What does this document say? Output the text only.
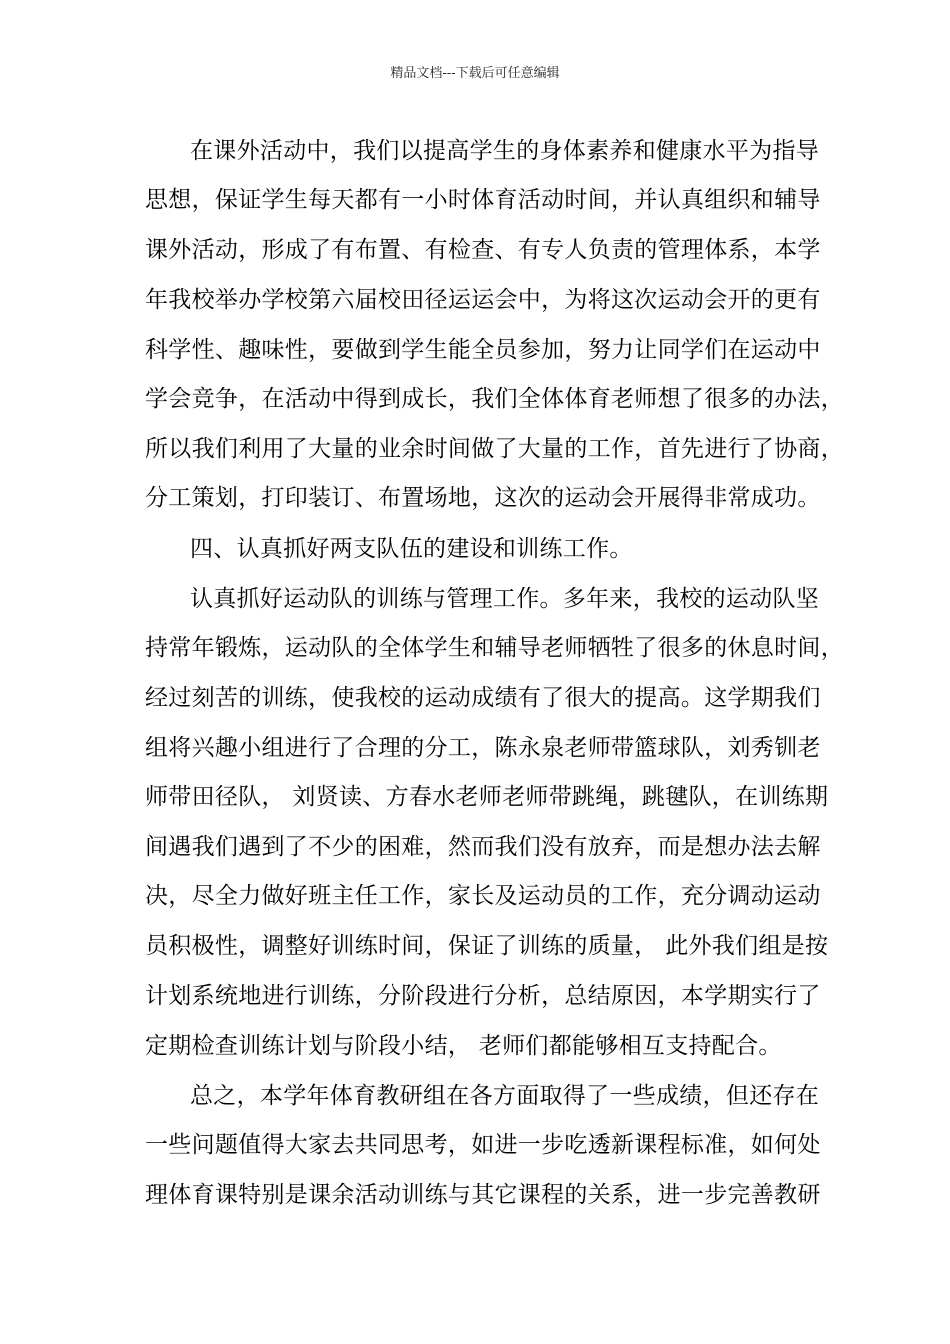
精品文档---下载后可任意编辑
在课外活动中，我们以提高学生的身体素养和健康水平为指导
思想，保证学生每天都有一小时体育活动时间，并认真组织和辅导
课外活动，形成了有布置、有检查、有专人负责的管理体系，本学
年我校举办学校第六届校田径运运会中，为将这次运动会开的更有
科学性、趣味性，要做到学生能全员参加，努力让同学们在运动中
学会竞争，在活动中得到成长，我们全体体育老师想了很多的办法，
所以我们利用了大量的业余时间做了大量的工作，首先进行了协商，
分工策划，打印装订、布置场地，这次的运动会开展得非常成功。
四、认真抓好两支队伍的建设和训练工作。
认真抓好运动队的训练与管理工作。多年来，我校的运动队坚
持常年锻炼，运动队的全体学生和辅导老师牺牲了很多的休息时间，
经过刻苦的训练，使我校的运动成绩有了很大的提高。这学期我们
组将兴趣小组进行了合理的分工，陈永泉老师带篮球队，刘秀钏老
师带田径队， 刘贤读、方春水老师老师带跳绳，跳毽队，在训练期
间遇我们遇到了不少的困难，然而我们没有放弃，而是想办法去解
决，尽全力做好班主任工作，家长及运动员的工作，充分调动运动
员积极性，调整好训练时间，保证了训练的质量， 此外我们组是按
计划系统地进行训练，分阶段进行分析，总结原因，本学期实行了
定期检查训练计划与阶段小结， 老师们都能够相互支持配合。
总之，本学年体育教研组在各方面取得了一些成绩，但还存在
一些问题值得大家去共同思考，如进一步吃透新课程标准，如何处
理体育课特别是课余活动训练与其它课程的关系，进一步完善教研
